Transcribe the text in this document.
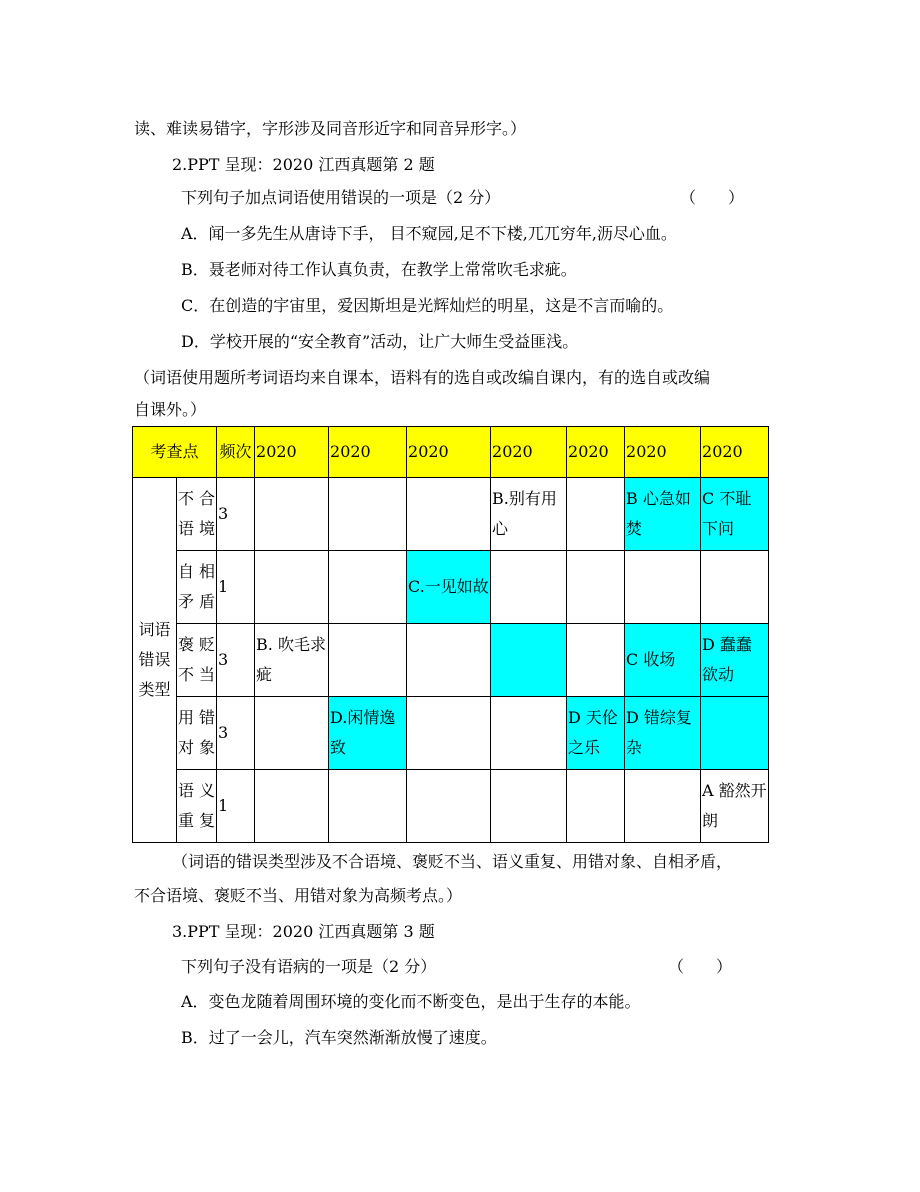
读、难读易错字，字形涉及同音形近字和同音异形字。）
2.PPT 呈现：2020 江西真题第 2 题
下列句子加点词语使用错误的一项是（2 分）	（　　）
A．闻一多先生从唐诗下手， 目不窥园,足不下楼,兀兀穷年,沥尽心血。
B．聂老师对待工作认真负责，在教学上常常吹毛求疵。
C．在创造的宇宙里，爱因斯坦是光辉灿烂的明星，这是不言而喻的。
D．学校开展的“安全教育”活动，让广大师生受益匪浅。
（词语使用题所考词语均来自课本，语料有的选自或改编自课内，有的选自或改编
自课外。）
考查点		频次	2020	2020	2020	2020	2020	2020	2020
词语错误类型	不合语境	3				B.别有用心		B 心急如焚	C 不耻下问
	自相矛盾	1			C.一见如故				
	褒贬不当	3	B. 吹毛求疵					C 收场	D 蠢蠢欲动
	用错对象	3		D.闲情逸致			D 天伦之乐	D 错综复杂	
	语义重复	1							A 豁然开朗
（词语的错误类型涉及不合语境、褒贬不当、语义重复、用错对象、自相矛盾，
不合语境、褒贬不当、用错对象为高频考点。）
3.PPT 呈现：2020 江西真题第 3 题
下列句子没有语病的一项是（2 分）	（　　）
A．变色龙随着周围环境的变化而不断变色，是出于生存的本能。
B．过了一会儿，汽车突然渐渐放慢了速度。
